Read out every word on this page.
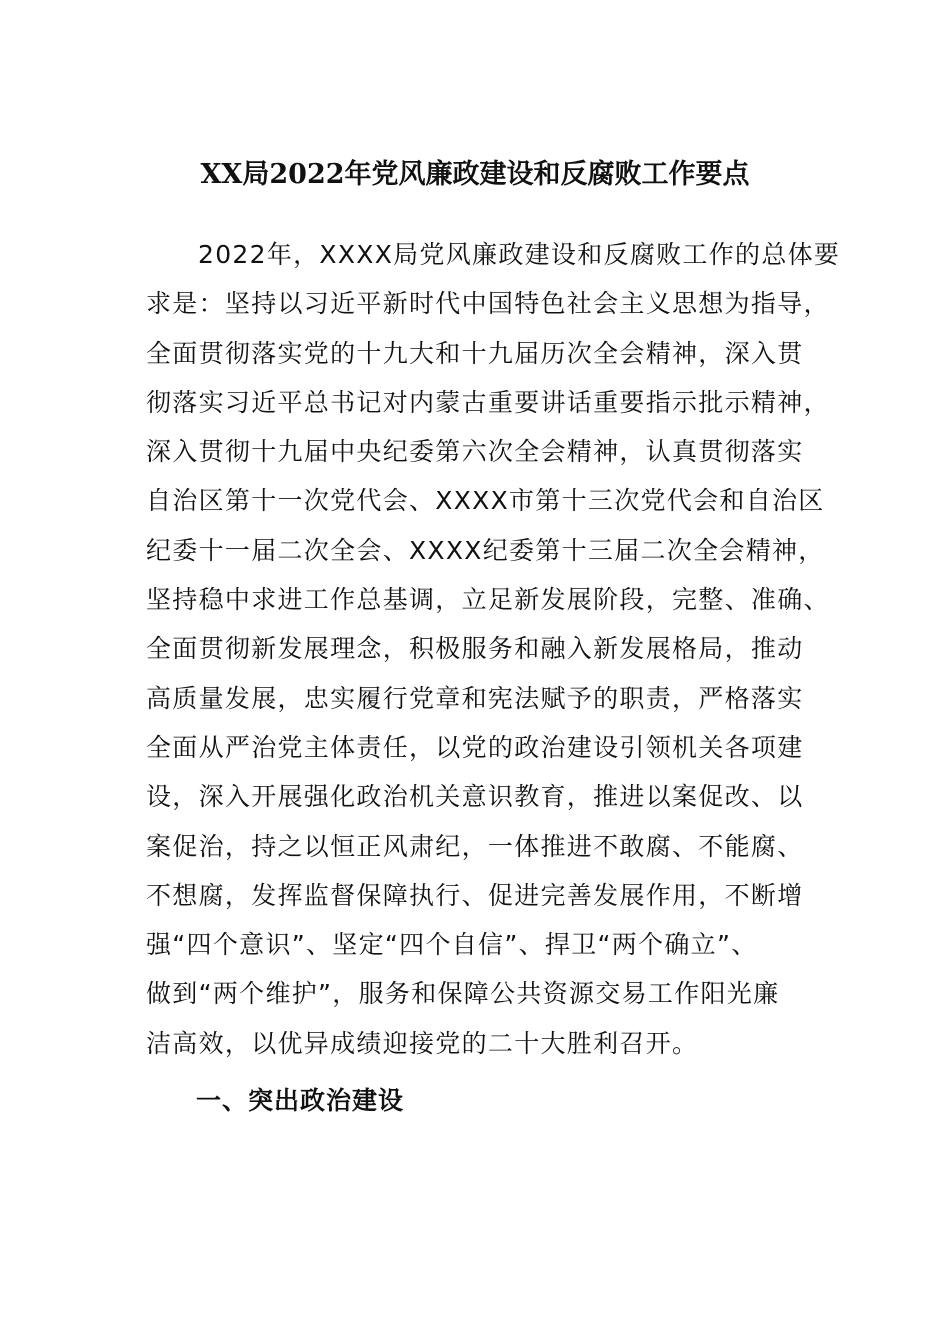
XX局2022年党风廉政建设和反腐败工作要点
2022年，XXXX局党风廉政建设和反腐败工作的总体要
求是：坚持以习近平新时代中国特色社会主义思想为指导，
全面贯彻落实党的十九大和十九届历次全会精神，深入贯
彻落实习近平总书记对内蒙古重要讲话重要指示批示精神，
深入贯彻十九届中央纪委第六次全会精神，认真贯彻落实
自治区第十一次党代会、XXXX市第十三次党代会和自治区
纪委十一届二次全会、XXXX纪委第十三届二次全会精神，
坚持稳中求进工作总基调，立足新发展阶段，完整、准确、
全面贯彻新发展理念，积极服务和融入新发展格局，推动
高质量发展，忠实履行党章和宪法赋予的职责，严格落实
全面从严治党主体责任，以党的政治建设引领机关各项建
设，深入开展强化政治机关意识教育，推进以案促改、以
案促治，持之以恒正风肃纪，一体推进不敢腐、不能腐、
不想腐，发挥监督保障执行、促进完善发展作用，不断增
强“四个意识”、坚定“四个自信”、捍卫“两个确立”、
做到“两个维护”，服务和保障公共资源交易工作阳光廉
洁高效，以优异成绩迎接党的二十大胜利召开。
一、突出政治建设
